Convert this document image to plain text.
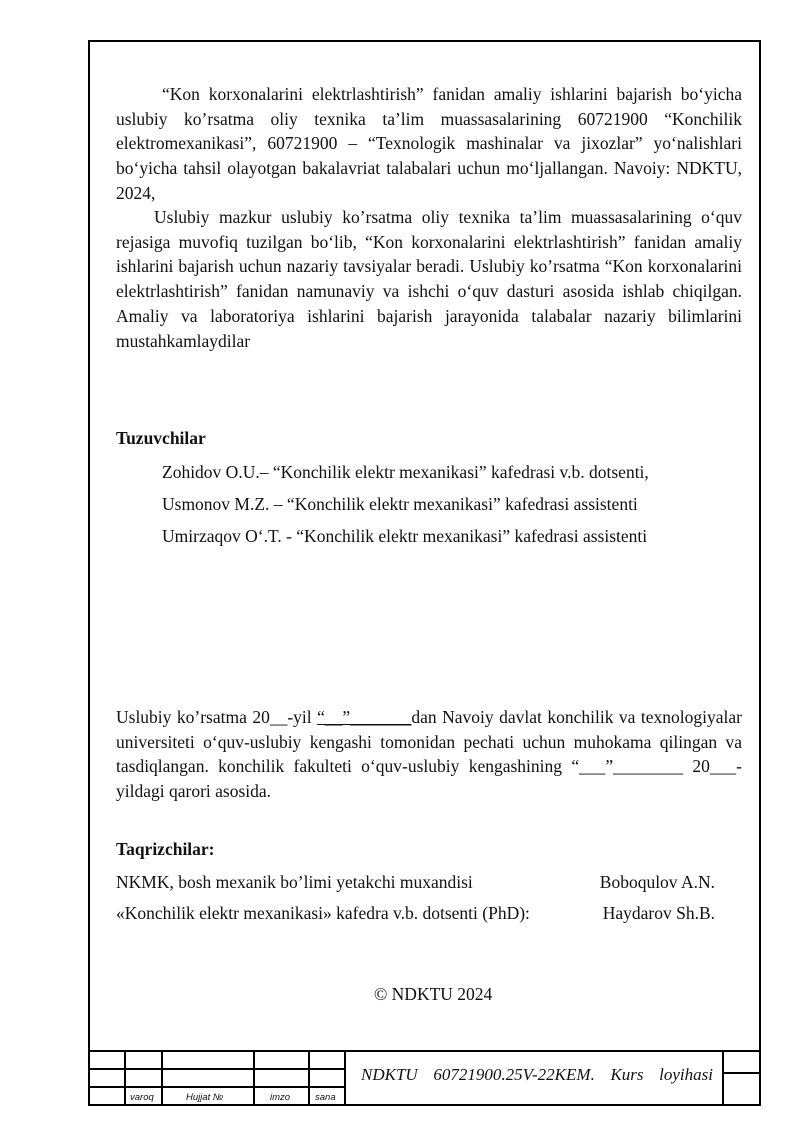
“Kon korxonalarini elektrlashtirish” fanidan amaliy ishlarini bajarish bo‘yicha uslubiy ko’rsatma oliy texnika ta’lim muassasalarining 60721900 “Konchilik elektromexanikasi”, 60721900 – “Texnologik mashinalar va jixozlar” yo‘nalishlari bo‘yicha tahsil olayotgan bakalavriat talabalari uchun mo‘ljallangan. Navoiy: NDKTU, 2024,

Uslubiy mazkur uslubiy ko’rsatma oliy texnika ta’lim muassasalarining o‘quv rejasiga muvofiq tuzilgan bo‘lib, “Kon korxonalarini elektrlashtirish” fanidan amaliy ishlarini bajarish uchun nazariy tavsiyalar beradi. Uslubiy ko’rsatma “Kon korxonalarini elektrlashtirish” fanidan namunaviy va ishchi o‘quv dasturi asosida ishlab chiqilgan. Amaliy va laboratoriya ishlarini bajarish jarayonida talabalar nazariy bilimlarini mustahkamlaydilar

Tuzuvchilar

Zohidov O.U.– “Konchilik elektr mexanikasi” kafedrasi v.b. dotsenti,

Usmonov M.Z. – “Konchilik elektr mexanikasi” kafedrasi assistenti

Umirzaqov O‘.T. - “Konchilik elektr mexanikasi” kafedrasi assistenti

Uslubiy ko’rsatma 20__-yil “__”_______dan Navoiy davlat konchilik va texnologiyalar universiteti o‘quv-uslubiy kengashi tomonidan pechati uchun muhokama qilingan va tasdiqlangan. konchilik fakulteti o‘quv-uslubiy kengashining “___”________ 20___-yildagi qarori asosida.

Taqrizchilar:

NKMK, bosh mexanik bo’limi yetakchi muxandisi	Boboqulov A.N.

«Konchilik elektr mexanikasi» kafedra v.b. dotsenti (PhD):	Haydarov Sh.B.

© NDKTU 2024

varoq	Hujjat №	imzo	sana
NDKTU 60721900.25V-22KEM. Kurs loyihasi
